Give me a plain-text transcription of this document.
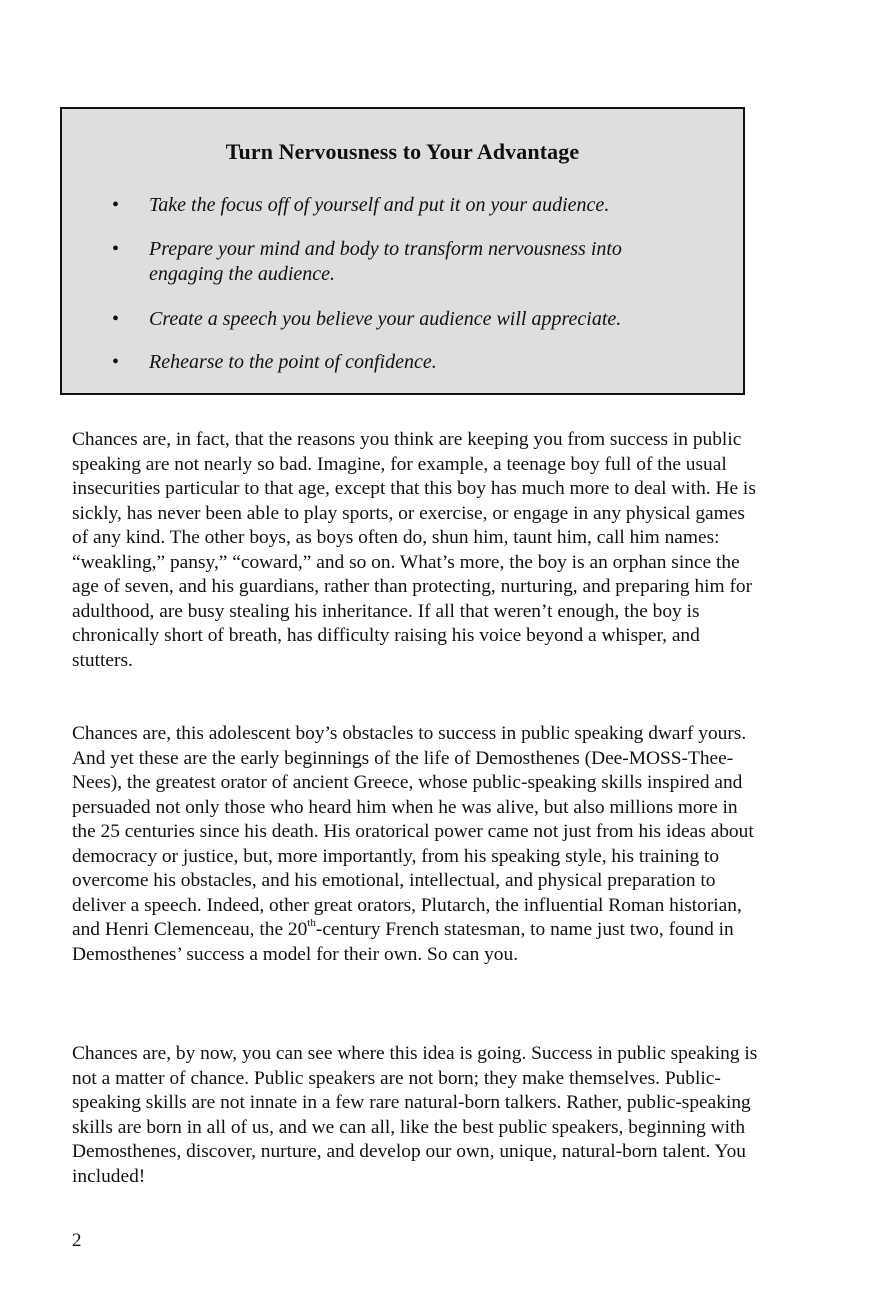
Turn Nervousness to Your Advantage
• Take the focus off of yourself and put it on your audience.
• Prepare your mind and body to transform nervousness into engaging the audience.
• Create a speech you believe your audience will appreciate.
• Rehearse to the point of confidence.

Chances are, in fact, that the reasons you think are keeping you from success in public speaking are not nearly so bad. Imagine, for example, a teenage boy full of the usual insecurities particular to that age, except that this boy has much more to deal with. He is sickly, has never been able to play sports, or exercise, or engage in any physical games of any kind. The other boys, as boys often do, shun him, taunt him, call him names: “weakling,” pansy,” “coward,” and so on. What’s more, the boy is an orphan since the age of seven, and his guardians, rather than protecting, nurturing, and preparing him for adulthood, are busy stealing his inheritance. If all that weren’t enough, the boy is chronically short of breath, has difficulty raising his voice beyond a whisper, and stutters.

Chances are, this adolescent boy’s obstacles to success in public speaking dwarf yours. And yet these are the early beginnings of the life of Demosthenes (Dee-MOSS-Thee-Nees), the greatest orator of ancient Greece, whose public-speaking skills inspired and persuaded not only those who heard him when he was alive, but also millions more in the 25 centuries since his death. His oratorical power came not just from his ideas about democracy or justice, but, more importantly, from his speaking style, his training to overcome his obstacles, and his emotional, intellectual, and physical preparation to deliver a speech. Indeed, other great orators, Plutarch, the influential Roman historian, and Henri Clemenceau, the 20th-century French statesman, to name just two, found in Demosthenes’ success a model for their own. So can you.

Chances are, by now, you can see where this idea is going. Success in public speaking is not a matter of chance. Public speakers are not born; they make themselves. Public-speaking skills are not innate in a few rare natural-born talkers. Rather, public-speaking skills are born in all of us, and we can all, like the best public speakers, beginning with Demosthenes, discover, nurture, and develop our own, unique, natural-born talent. You included!

2
